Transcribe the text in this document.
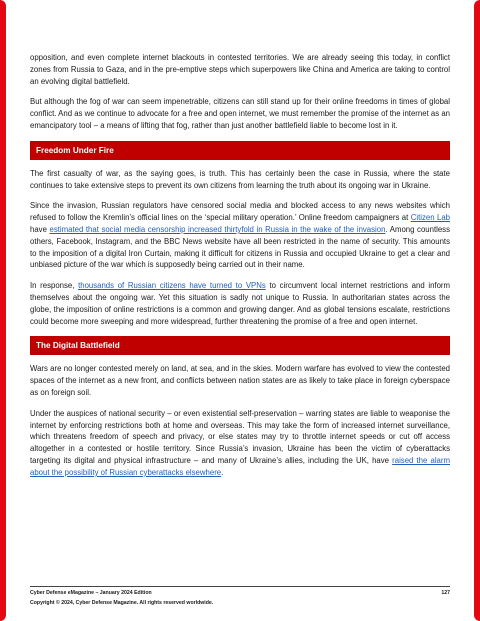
opposition, and even complete internet blackouts in contested territories. We are already seeing this today, in conflict zones from Russia to Gaza, and in the pre-emptive steps which superpowers like China and America are taking to control an evolving digital battlefield.

But although the fog of war can seem impenetrable, citizens can still stand up for their online freedoms in times of global conflict. And as we continue to advocate for a free and open internet, we must remember the promise of the internet as an emancipatory tool – a means of lifting that fog, rather than just another battlefield liable to become lost in it.

Freedom Under Fire

The first casualty of war, as the saying goes, is truth. This has certainly been the case in Russia, where the state continues to take extensive steps to prevent its own citizens from learning the truth about its ongoing war in Ukraine.

Since the invasion, Russian regulators have censored social media and blocked access to any news websites which refused to follow the Kremlin’s official lines on the ‘special military operation.’ Online freedom campaigners at Citizen Lab have estimated that social media censorship increased thirtyfold in Russia in the wake of the invasion. Among countless others, Facebook, Instagram, and the BBC News website have all been restricted in the name of security. This amounts to the imposition of a digital Iron Curtain, making it difficult for citizens in Russia and occupied Ukraine to get a clear and unbiased picture of the war which is supposedly being carried out in their name.

In response, thousands of Russian citizens have turned to VPNs to circumvent local internet restrictions and inform themselves about the ongoing war. Yet this situation is sadly not unique to Russia. In authoritarian states across the globe, the imposition of online restrictions is a common and growing danger. And as global tensions escalate, restrictions could become more sweeping and more widespread, further threatening the promise of a free and open internet.

The Digital Battlefield

Wars are no longer contested merely on land, at sea, and in the skies. Modern warfare has evolved to view the contested spaces of the internet as a new front, and conflicts between nation states are as likely to take place in foreign cyberspace as on foreign soil.

Under the auspices of national security – or even existential self-preservation – warring states are liable to weaponise the internet by enforcing restrictions both at home and overseas. This may take the form of increased internet surveillance, which threatens freedom of speech and privacy, or else states may try to throttle internet speeds or cut off access altogether in a contested or hostile territory. Since Russia’s invasion, Ukraine has been the victim of cyberattacks targeting its digital and physical infrastructure – and many of Ukraine’s allies, including the UK, have raised the alarm about the possibility of Russian cyberattacks elsewhere.

Cyber Defense eMagazine – January 2024 Edition	127
Copyright © 2024, Cyber Defense Magazine. All rights reserved worldwide.
